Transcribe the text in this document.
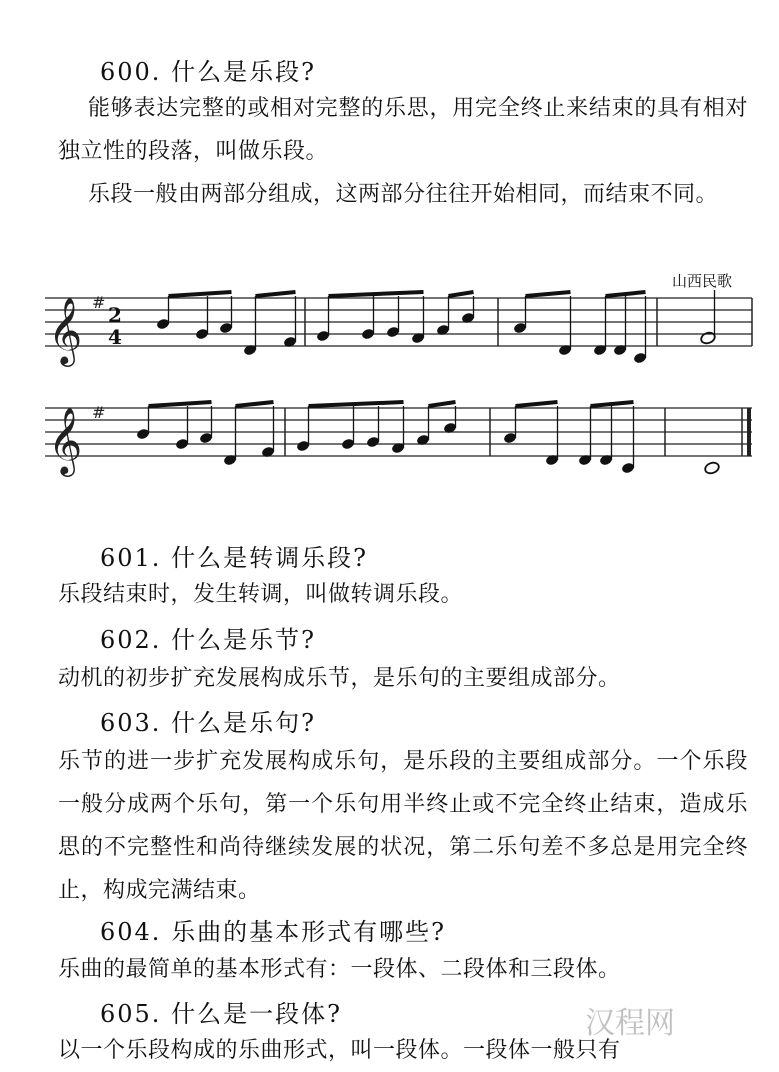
600. 什么是乐段?
能够表达完整的或相对完整的乐思，用完全终止来结束的具有相对独立性的段落，叫做乐段。
乐段一般由两部分组成，这两部分往往开始相同，而结束不同。
山西民歌
𝄞 #
𝄞 #
2
4
601. 什么是转调乐段?
乐段结束时，发生转调，叫做转调乐段。
602. 什么是乐节?
动机的初步扩充发展构成乐节，是乐句的主要组成部分。
603. 什么是乐句?
乐节的进一步扩充发展构成乐句，是乐段的主要组成部分。一个乐段一般分成两个乐句，第一个乐句用半终止或不完全终止结束，造成乐思的不完整性和尚待继续发展的状况，第二乐句差不多总是用完全终止，构成完满结束。
604. 乐曲的基本形式有哪些?
乐曲的最简单的基本形式有：一段体、二段体和三段体。
605. 什么是一段体?
以一个乐段构成的乐曲形式，叫一段体。一段体一般只有
汉程网
